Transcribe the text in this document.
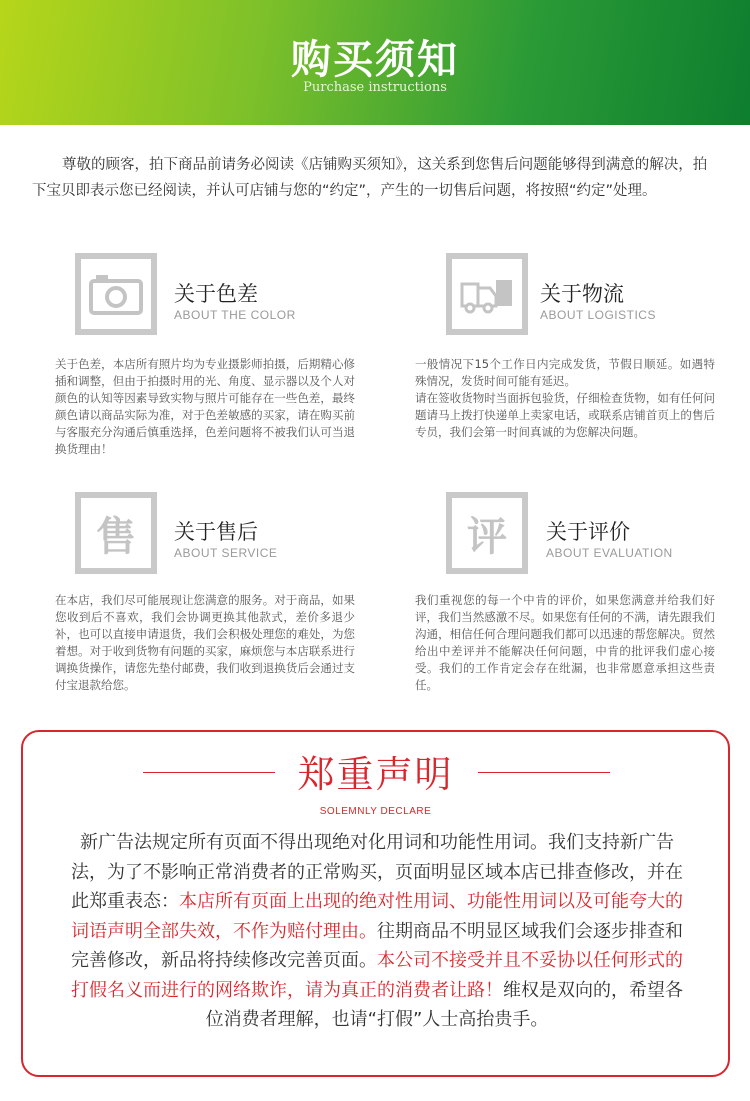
购买须知
Purchase instructions

尊敬的顾客，拍下商品前请务必阅读《店铺购买须知》，这关系到您售后问题能够得到满意的解决，拍下宝贝即表示您已经阅读，并认可店铺与您的“约定”，产生的一切售后问题，将按照“约定”处理。

关于色差
ABOUT THE COLOR

关于色差，本店所有照片均为专业摄影师拍摄，后期精心修插和调整，但由于拍摄时用的光、角度、显示器以及个人对颜色的认知等因素导致实物与照片可能存在一些色差，最终颜色请以商品实际为准，对于色差敏感的买家，请在购买前与客服充分沟通后慎重选择，色差问题将不被我们认可当退换货理由！

关于物流
ABOUT LOGISTICS

一般情况下15个工作日内完成发货，节假日顺延。如遇特殊情况，发货时间可能有延迟。
请在签收货物时当面拆包验货，仔细检查货物，如有任何问题请马上拨打快递单上卖家电话，或联系店铺首页上的售后专员，我们会第一时间真诚的为您解决问题。

售 关于售后
ABOUT SERVICE

在本店，我们尽可能展现让您满意的服务。对于商品，如果您收到后不喜欢，我们会协调更换其他款式，差价多退少补，也可以直接申请退货，我们会积极处理您的难处，为您着想。对于收到货物有问题的买家，麻烦您与本店联系进行调换货操作，请您先垫付邮费，我们收到退换货后会通过支付宝退款给您。

评 关于评价
ABOUT EVALUATION

我们重视您的每一个中肯的评价，如果您满意并给我们好评，我们当然感激不尽。如果您有任何的不满，请先跟我们沟通，相信任何合理问题我们都可以迅速的帮您解决。贸然给出中差评并不能解决任何问题，中肯的批评我们虚心接受。我们的工作肯定会存在纰漏，也非常愿意承担这些责任。

郑重声明
SOLEMNLY DECLARE

新广告法规定所有页面不得出现绝对化用词和功能性用词。我们支持新广告法，为了不影响正常消费者的正常购买，页面明显区域本店已排查修改，并在此郑重表态：本店所有页面上出现的绝对性用词、功能性用词以及可能夸大的词语声明全部失效，不作为赔付理由。往期商品不明显区域我们会逐步排查和完善修改，新品将持续修改完善页面。本公司不接受并且不妥协以任何形式的打假名义而进行的网络欺诈，请为真正的消费者让路！维权是双向的，希望各位消费者理解，也请“打假”人士高抬贵手。
